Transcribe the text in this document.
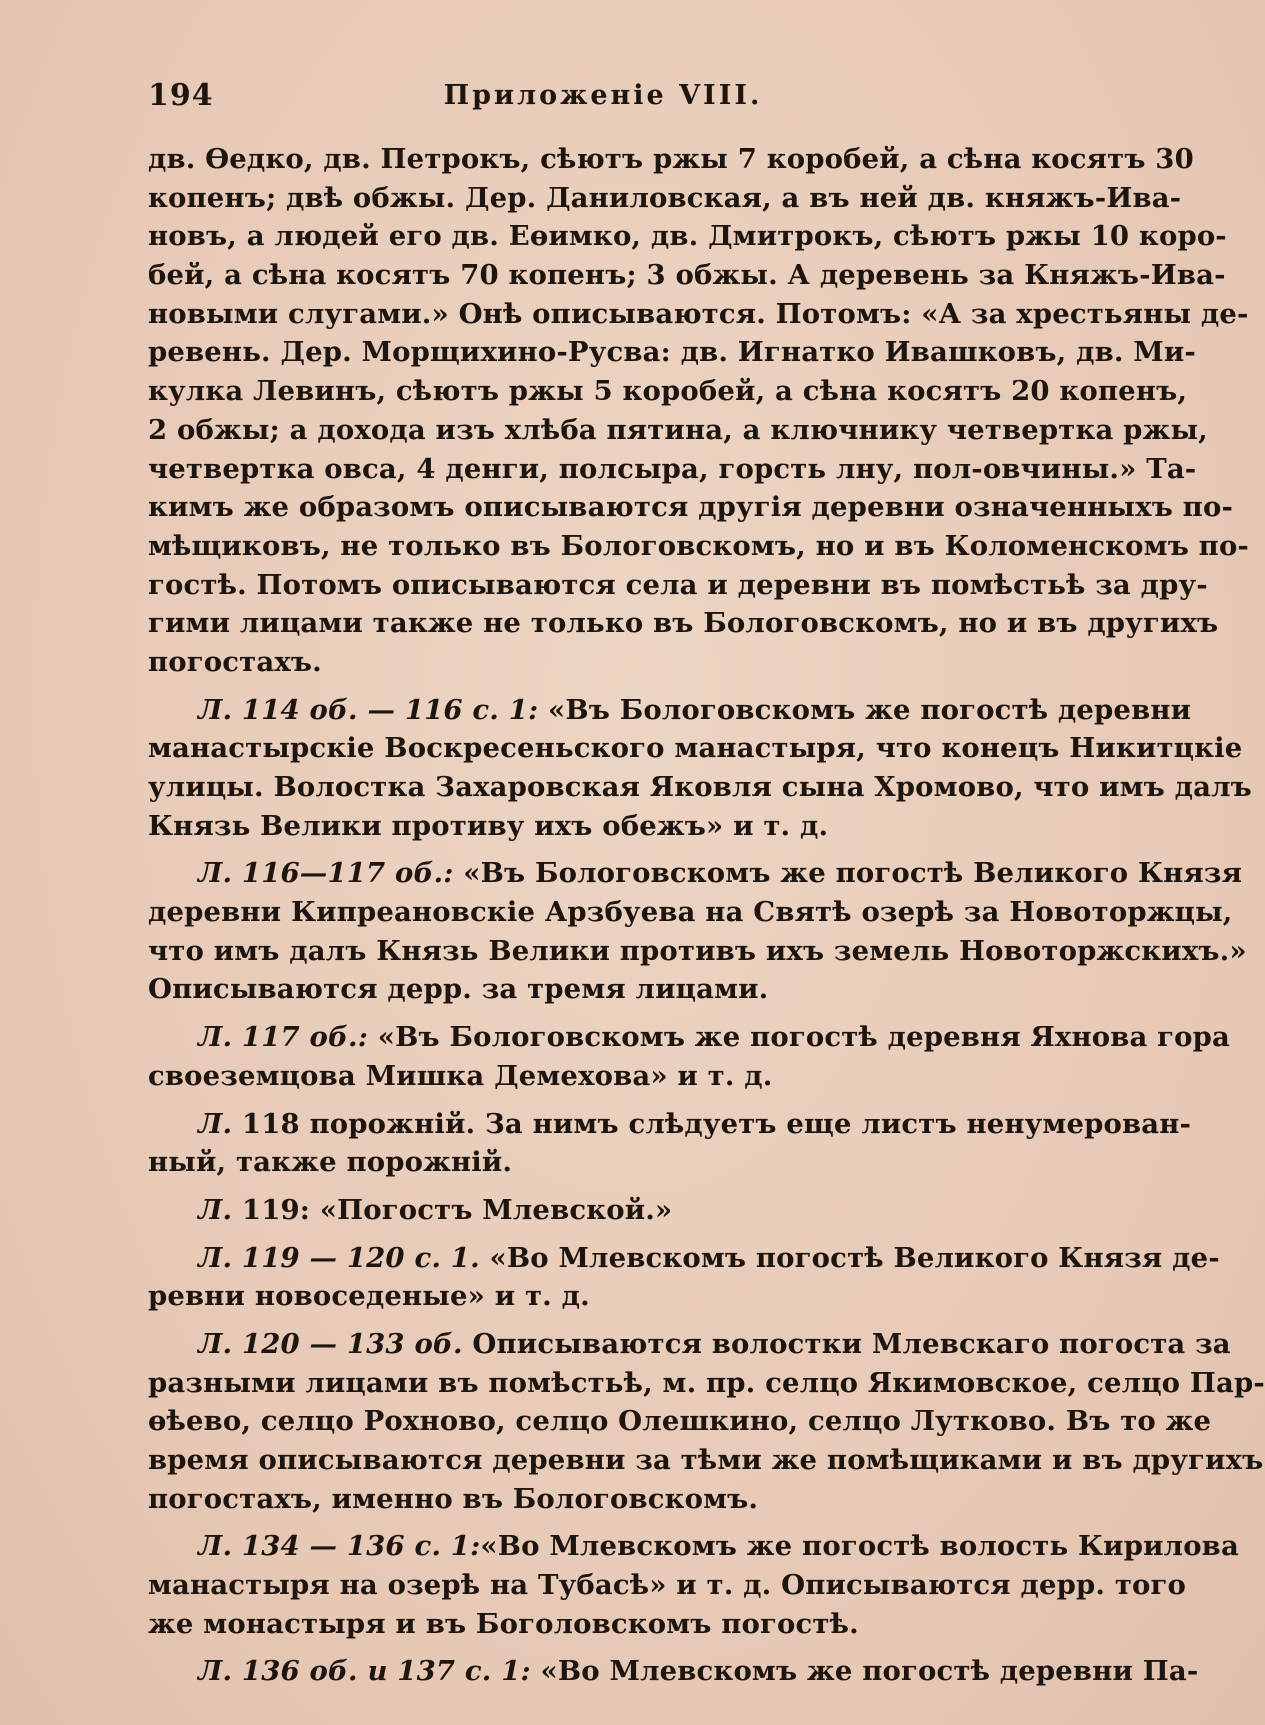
194	Приложеніе VIII.
дв. Өедко, дв. Петрокъ, сѣютъ ржы 7 коробей, а сѣна косятъ 30
копенъ; двѣ обжы. Дер. Даниловская, а въ ней дв. княжъ-Ива-
новъ, а людей его дв. Еөимко, дв. Дмитрокъ, сѣютъ ржы 10 коро-
бей, а сѣна косятъ 70 копенъ; 3 обжы. А деревень за Княжъ-Ива-
новыми слугами.» Онѣ описываются. Потомъ: «А за хрестьяны де-
ревень. Дер. Морщихино-Русва: дв. Игнатко Ивашковъ, дв. Ми-
кулка Левинъ, сѣютъ ржы 5 коробей, а сѣна косятъ 20 копенъ,
2 обжы; а дохода изъ хлѣба пятина, а ключнику четвертка ржы,
четвертка овса, 4 денги, полсыра, горсть лну, пол-овчины.» Та-
кимъ же образомъ описываются другія деревни означенныхъ по-
мѣщиковъ, не только въ Бологовскомъ, но и въ Коломенскомъ по-
гостѣ. Потомъ описываются села и деревни въ помѣстьѣ за дру-
гими лицами также не только въ Бологовскомъ, но и въ другихъ
погостахъ.
Л. 114 об. — 116 с. 1: «Въ Бологовскомъ же погостѣ деревни
манастырскіе Воскресеньского манастыря, что конецъ Никитцкіе
улицы. Волостка Захаровская Яковля сына Хромово, что имъ далъ
Князь Велики противу ихъ обежъ» и т. д.
Л. 116—117 об.: «Въ Бологовскомъ же погостѣ Великого Князя
деревни Кипреановскіе Арзбуева на Святѣ озерѣ за Новоторжцы,
что имъ далъ Князь Велики противъ ихъ земель Новоторжскихъ.»
Описываются дерр. за тремя лицами.
Л. 117 об.: «Въ Бологовскомъ же погостѣ деревня Яхнова гора
своеземцова Мишка Демехова» и т. д.
Л. 118 порожній. За нимъ слѣдуетъ еще листъ ненумерован-
ный, также порожній.
Л. 119: «Погостъ Млевской.»
Л. 119 — 120 с. 1. «Во Млевскомъ погостѣ Великого Князя де-
ревни новоседеные» и т. д.
Л. 120 — 133 об. Описываются волостки Млевскаго погоста за
разными лицами въ помѣстьѣ, м. пр. селцо Якимовское, селцо Пар-
өѣево, селцо Рохново, селцо Олешкино, селцо Лутково. Въ то же
время описываются деревни за тѣми же помѣщиками и въ другихъ
погостахъ, именно въ Бологовскомъ.
Л. 134 — 136 с. 1:«Во Млевскомъ же погостѣ волость Кирилова
манастыря на озерѣ на Тубасѣ» и т. д. Описываются дерр. того
же монастыря и въ Боголовскомъ погостѣ.
Л. 136 об. и 137 с. 1: «Во Млевскомъ же погостѣ деревни Па-
